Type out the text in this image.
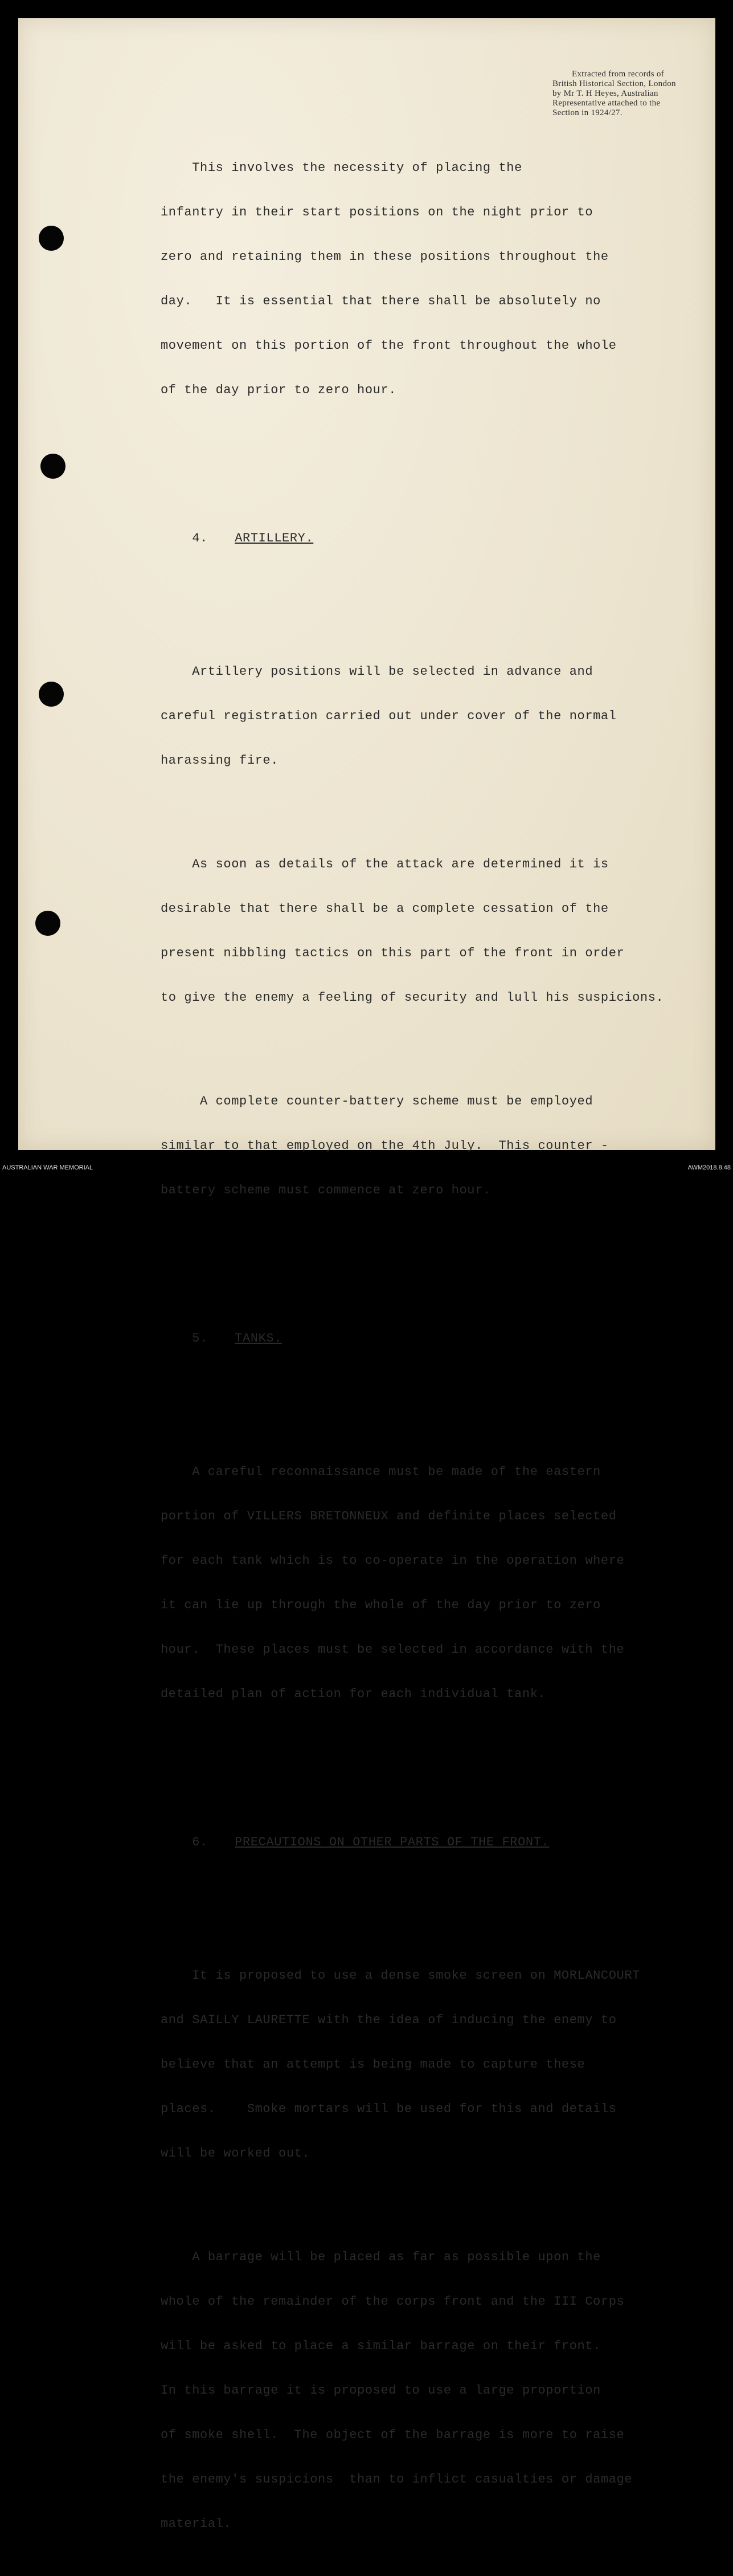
Extracted from records of
British Historical Section, London
by Mr T. H Heyes, Australian
Representative attached to the
Section in 1924/27.

This involves the necessity of placing the

infantry in their start positions on the night prior to

zero and retaining them in these positions throughout the

day.   It is essential that there shall be absolutely no

movement on this portion of the front throughout the whole

of the day prior to zero hour.

4. ARTILLERY.

Artillery positions will be selected in advance and

careful registration carried out under cover of the normal

harassing fire.

As soon as details of the attack are determined it is

desirable that there shall be a complete cessation of the

present nibbling tactics on this part of the front in order

to give the enemy a feeling of security and lull his suspicions.

A complete counter-battery scheme must be employed

similar to that employed on the 4th July.  This counter -

battery scheme must commence at zero hour.

5. TANKS.

A careful reconnaissance must be made of the eastern

portion of VILLERS BRETONNEUX and definite places selected

for each tank which is to co-operate in the operation where

it can lie up through the whole of the day prior to zero

hour.  These places must be selected in accordance with the

detailed plan of action for each individual tank.

6. PRECAUTIONS ON OTHER PARTS OF THE FRONT.

It is proposed to use a dense smoke screen on MORLANCOURT

and SAILLY LAURETTE with the idea of inducing the enemy to

believe that an attempt is being made to capture these

places.    Smoke mortars will be used for this and details

will be worked out.

A barrage will be placed as far as possible upon the

whole of the remainder of the corps front and the III Corps

will be asked to place a similar barrage on their front.

In this barrage it is proposed to use a large proportion

of smoke shell.  The object of the barrage is more to raise

the enemy's suspicions  than to inflict casualties or damage

material.

AUSTRALIAN WAR MEMORIAL	AWM2018.8.48
